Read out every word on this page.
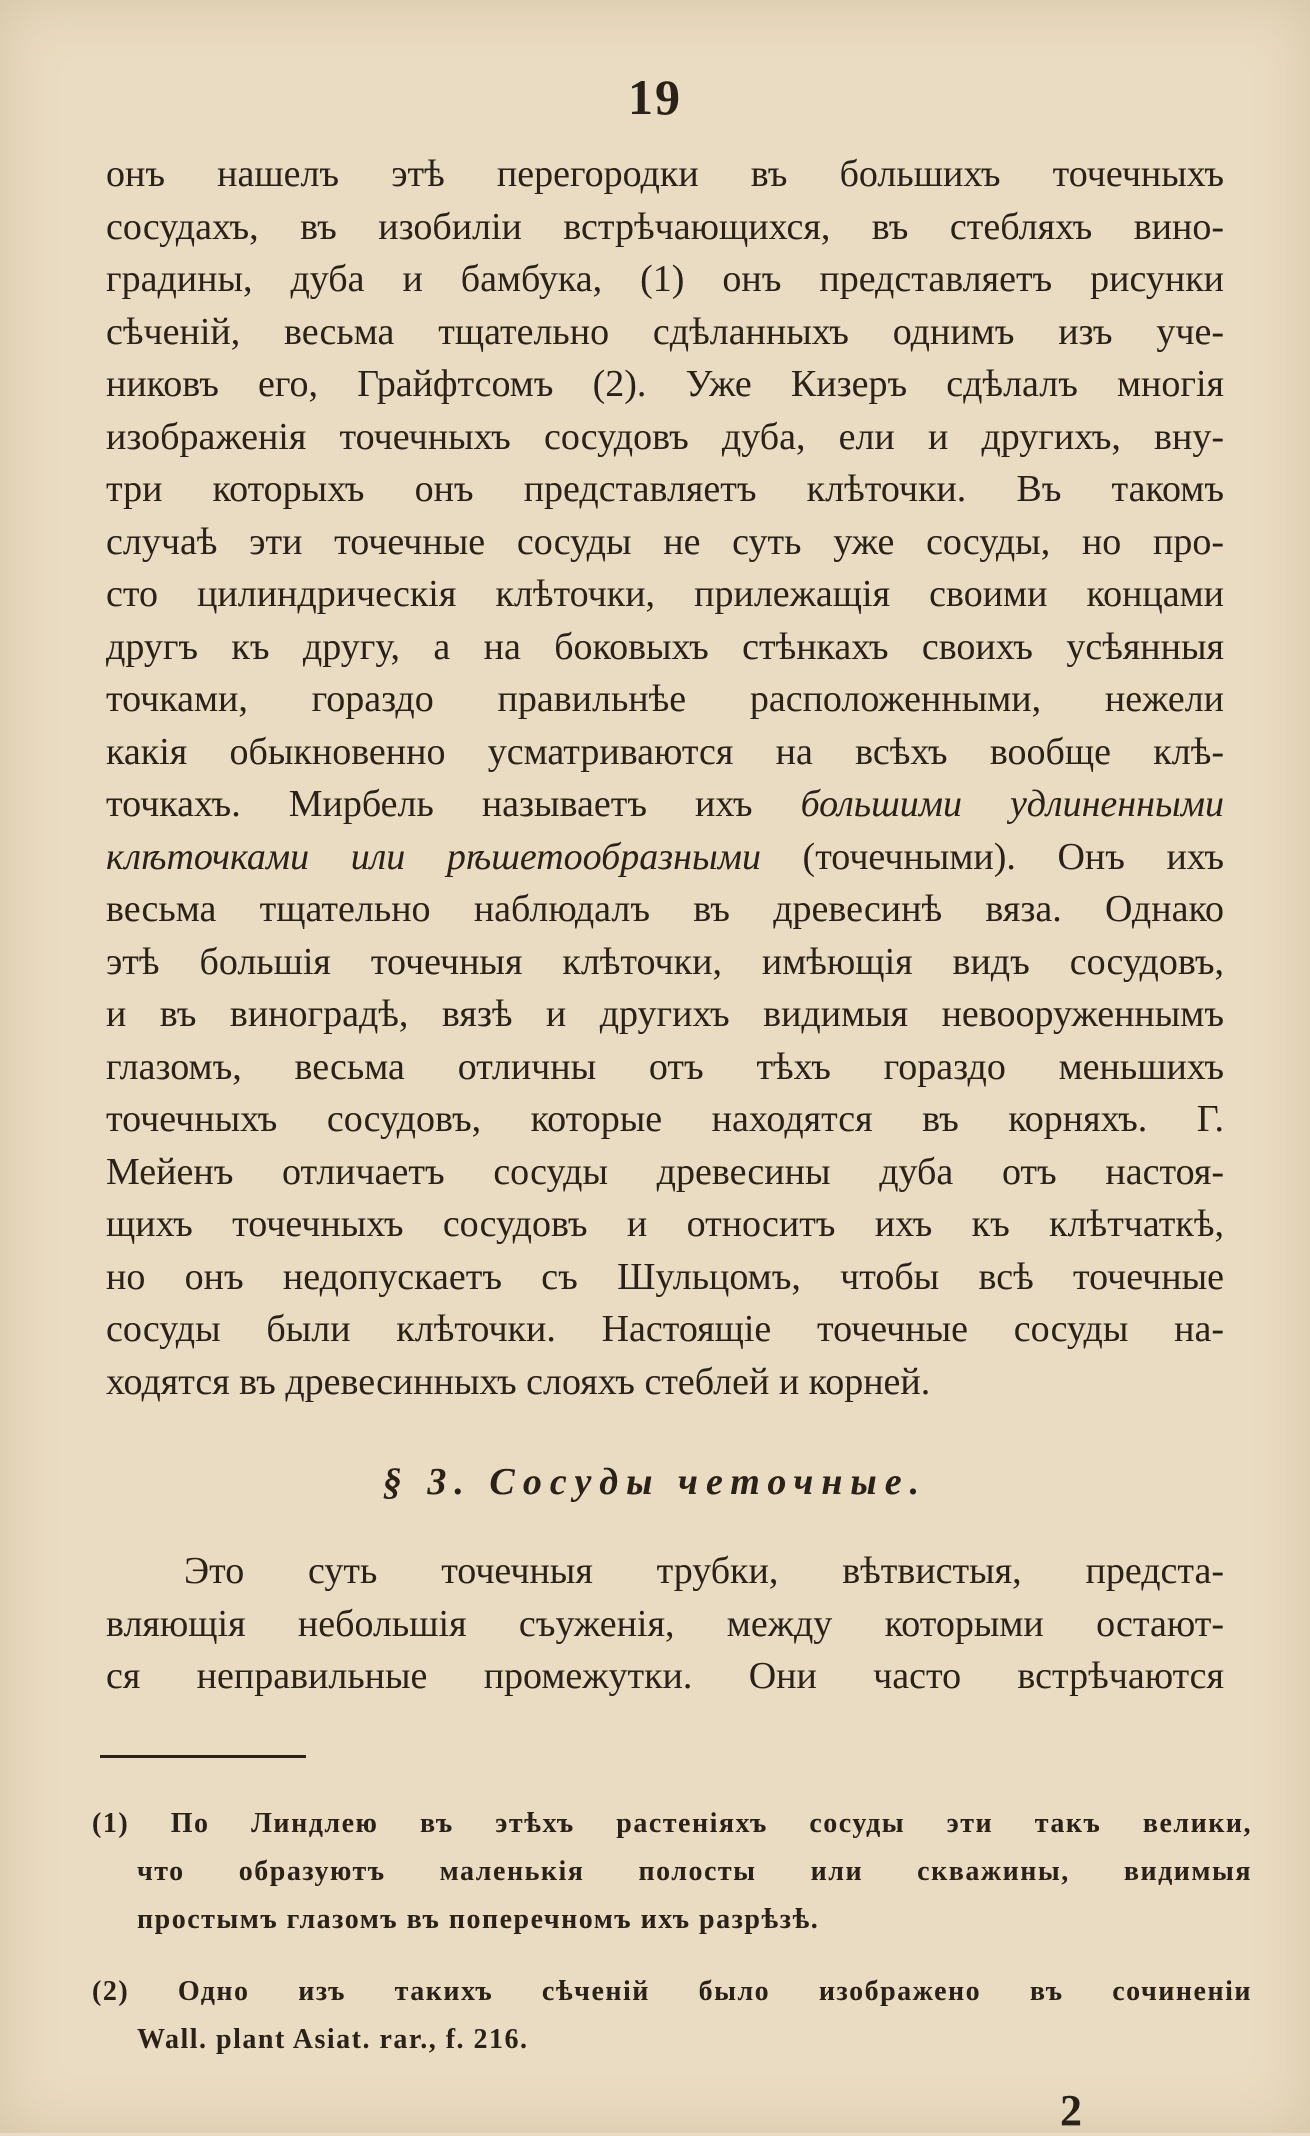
19
онъ нашелъ этѣ перегородки въ большихъ точечныхъ
сосудахъ, въ изобиліи встрѣчающихся, въ стебляхъ вино-
градины, дуба и бамбука, (1) онъ представляетъ рисунки
сѣченій, весьма тщательно сдѣланныхъ однимъ изъ уче-
никовъ его, Грайфтсомъ (2). Уже Кизеръ сдѣлалъ многія
изображенія точечныхъ сосудовъ дуба, ели и другихъ, вну-
три которыхъ онъ представляетъ клѣточки. Въ такомъ
случаѣ эти точечные сосуды не суть уже сосуды, но про-
сто цилиндрическія клѣточки, прилежащія своими концами
другъ къ другу, а на боковыхъ стѣнкахъ своихъ усѣянныя
точками, гораздо правильнѣе расположенными, нежели
какія обыкновенно усматриваются на всѣхъ вообще клѣ-
точкахъ. Мирбель называетъ ихъ большими удлиненными
клѣточками или рѣшетообразными (точечными). Онъ ихъ
весьма тщательно наблюдалъ въ древесинѣ вяза. Однако
этѣ большія точечныя клѣточки, имѣющія видъ сосудовъ,
и въ виноградѣ, вязѣ и другихъ видимыя невооруженнымъ
глазомъ, весьма отличны отъ тѣхъ гораздо меньшихъ
точечныхъ сосудовъ, которые находятся въ корняхъ. Г.
Мейенъ отличаетъ сосуды древесины дуба отъ настоя-
щихъ точечныхъ сосудовъ и относитъ ихъ къ клѣтчаткѣ,
но онъ недопускаетъ съ Шульцомъ, чтобы всѣ точечные
сосуды были клѣточки. Настоящіе точечные сосуды на-
ходятся въ древесинныхъ слояхъ стеблей и корней.
§ 3. Сосуды четочные.
Это суть точечныя трубки, вѣтвистыя, предста-
вляющія небольшія съуженія, между которыми остают-
ся неправильные промежутки. Они часто встрѣчаются
(1) По Линдлею въ этѣхъ растеніяхъ сосуды эти такъ велики,
что образуютъ маленькія полосты или скважины, видимыя
простымъ глазомъ въ поперечномъ ихъ разрѣзѣ.
(2) Одно изъ такихъ сѣченій было изображено въ сочиненіи
Wall. plant Asiat. rar., f. 216.
2
